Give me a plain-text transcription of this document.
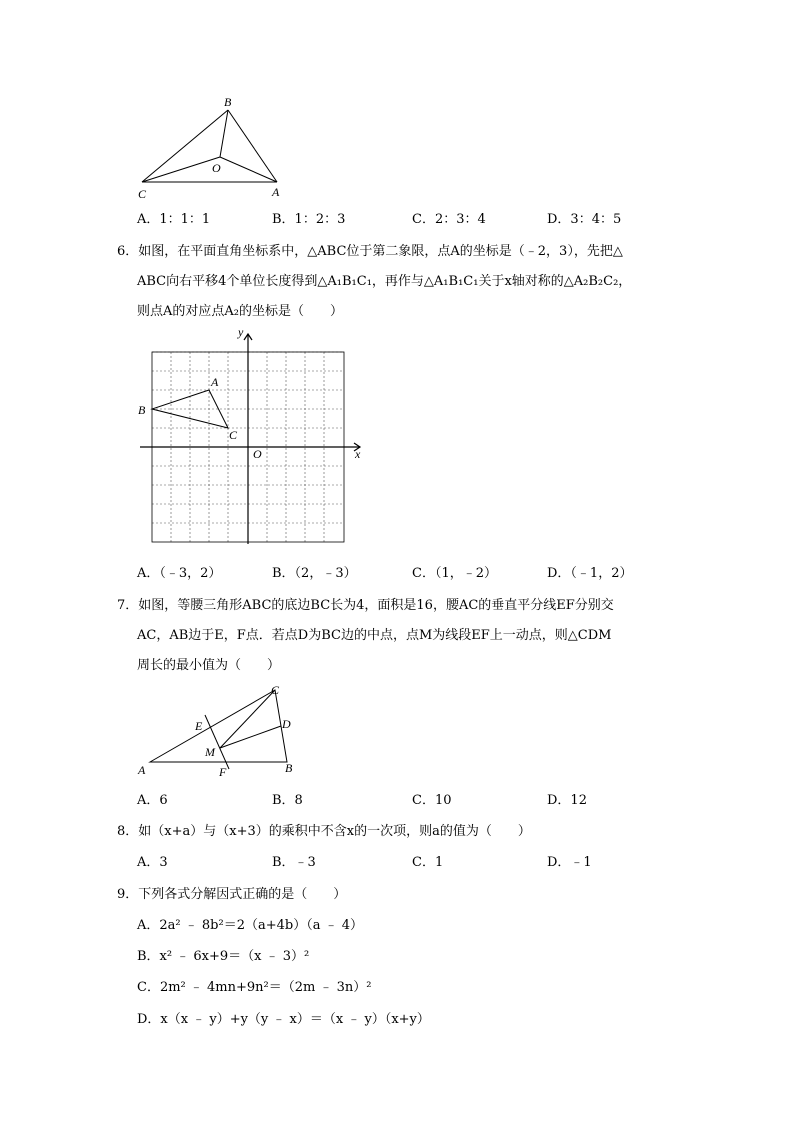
B
O
C	A
A．1：1：1	B．1：2：3	C．2：3：4	D．3：4：5
6．如图，在平面直角坐标系中，△ABC位于第二象限，点A的坐标是（﹣2，3），先把△
ABC向右平移4个单位长度得到△A₁B₁C₁，再作与△A₁B₁C₁关于x轴对称的△A₂B₂C₂，
则点A的对应点A₂的坐标是（　　）
y
x
O
A
B
C
A．（﹣3，2）	B．（2，﹣3）	C．（1，﹣2）	D．（﹣1，2）
7．如图，等腰三角形ABC的底边BC长为4，面积是16，腰AC的垂直平分线EF分别交
AC，AB边于E，F点．若点D为BC边的中点，点M为线段EF上一动点，则△CDM
周长的最小值为（　　）
C
E	D
M
A	F	B
A．6	B．8	C．10	D．12
8．如（x+a）与（x+3）的乘积中不含x的一次项，则a的值为（　　）
A．3	B．﹣3	C．1	D．﹣1
9．下列各式分解因式正确的是（　　）
A．2a² ﹣ 8b²＝2（a+4b）（a ﹣ 4）
B．x² ﹣ 6x+9＝（x ﹣ 3）²
C．2m² ﹣ 4mn+9n²＝（2m ﹣ 3n）²
D．x（x ﹣ y）+y（y ﹣ x）＝（x ﹣ y）（x+y）
